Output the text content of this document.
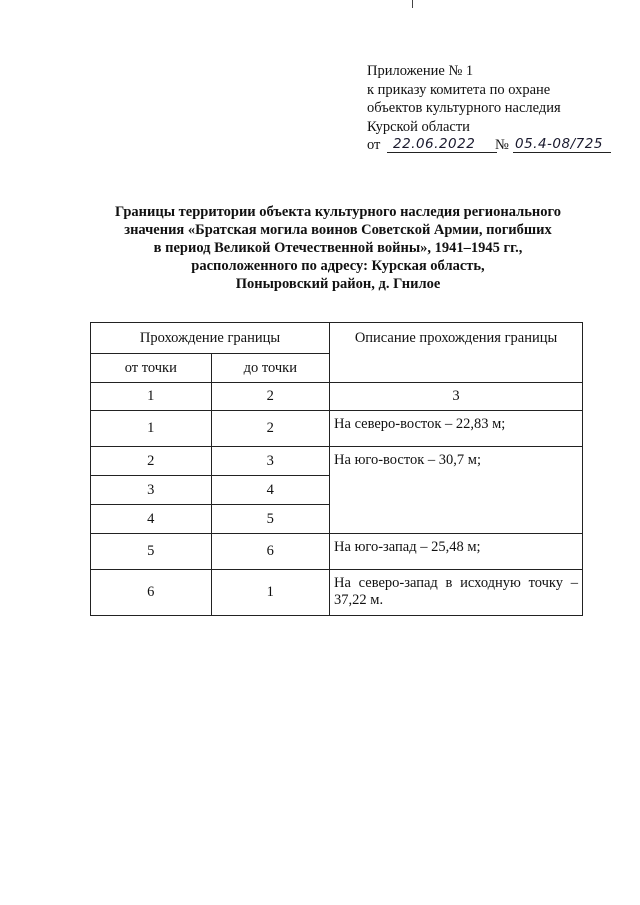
Приложение № 1
к приказу комитета по охране
объектов культурного наследия
Курской области
от 22.06.2022	№ 05.4-08/725
Границы территории объекта культурного наследия регионального
значения «Братская могила воинов Советской Армии, погибших
в период Великой Отечественной войны», 1941–1945 гг.,
расположенного по адресу: Курская область,
Поныровский район, д. Гнилое
Прохождение границы		Описание прохождения границы
от точки	до точки	
1	2	3
1	2	На северо-восток – 22,83 м;
2	3	На юго-восток – 30,7 м;
3	4	
4	5	
5	6	На юго-запад – 25,48 м;
6	1	На северо-запад в исходную точку – 37,22 м.
